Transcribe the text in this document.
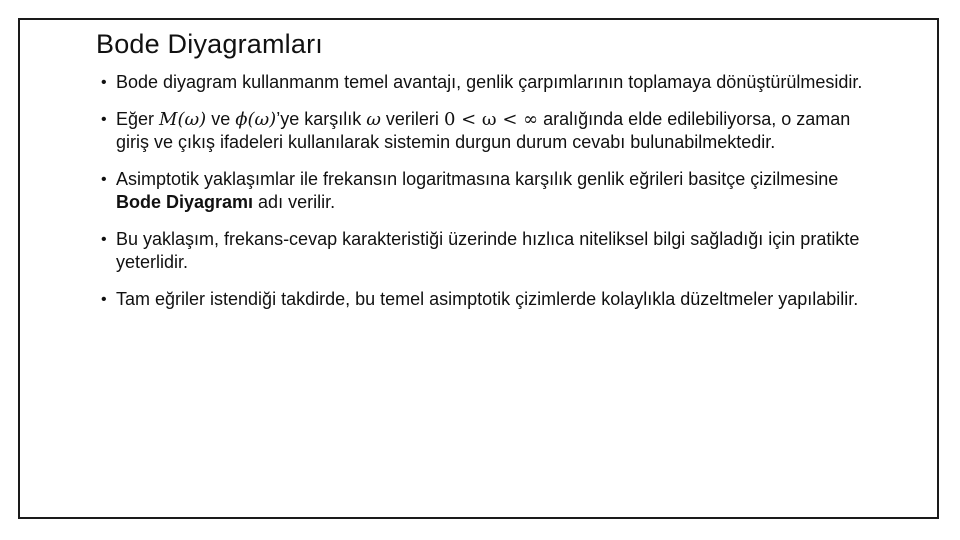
Bode Diyagramları
• Bode diyagram kullanmanm temel avantajı, genlik çarpımlarının toplamaya dönüştürülmesidir.
• Eğer M(ω) ve ϕ(ω)’ye karşılık ω verileri 0 < ω < ∞ aralığında elde edilebiliyorsa, o zaman giriş ve çıkış ifadeleri kullanılarak sistemin durgun durum cevabı bulunabilmektedir.
• Asimptotik yaklaşımlar ile frekansın logaritmasına karşılık genlik eğrileri basitçe çizilmesine Bode Diyagramı adı verilir.
• Bu yaklaşım, frekans-cevap karakteristiği üzerinde hızlıca niteliksel bilgi sağladığı için pratikte yeterlidir.
• Tam eğriler istendiği takdirde, bu temel asimptotik çizimlerde kolaylıkla düzeltmeler yapılabilir.
